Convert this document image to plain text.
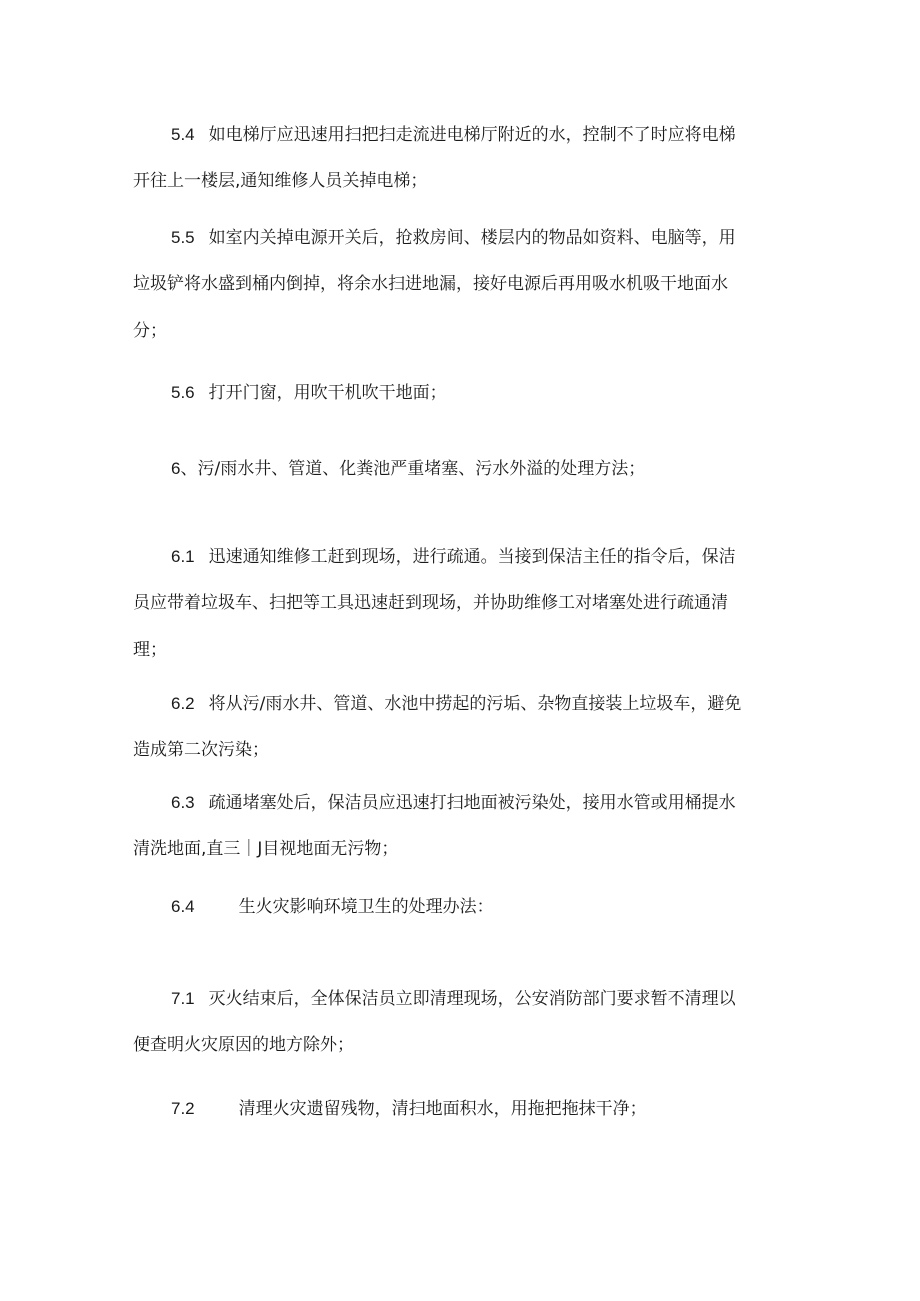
5.4 如电梯厅应迅速用扫把扫走流进电梯厅附近的水，控制不了时应将电梯
开往上一楼层,通知维修人员关掉电梯；
5.5 如室内关掉电源开关后，抢救房间、楼层内的物品如资料、电脑等，用
垃圾铲将水盛到桶内倒掉，将余水扫进地漏，接好电源后再用吸水机吸干地面水
分；
5.6 打开门窗，用吹干机吹干地面；
6、污/雨水井、管道、化粪池严重堵塞、污水外溢的处理方法；
6.1 迅速通知维修工赶到现场，进行疏通。当接到保洁主任的指令后，保洁
员应带着垃圾车、扫把等工具迅速赶到现场，并协助维修工对堵塞处进行疏通清
理；
6.2 将从污/雨水井、管道、水池中捞起的污垢、杂物直接装上垃圾车，避免
造成第二次污染；
6.3 疏通堵塞处后，保洁员应迅速打扫地面被污染处，接用水管或用桶提水
清洗地面,直三｜J目视地面无污物；
6.4	生火灾影响环境卫生的处理办法：
7.1 灭火结束后，全体保洁员立即清理现场，公安消防部门要求暂不清理以
便查明火灾原因的地方除外；
7.2	清理火灾遗留残物，清扫地面积水，用拖把拖抹干净；
